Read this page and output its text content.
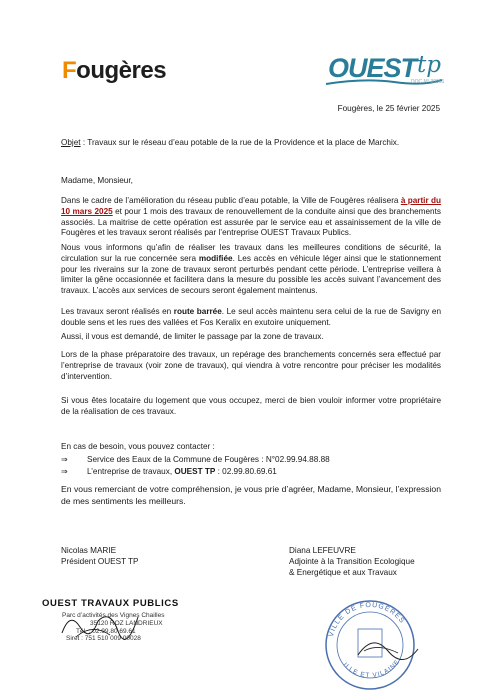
Fougères	OUEST tp
DOC N° 30961
Fougères, le 25 février 2025

Objet : Travaux sur le réseau d’eau potable de la rue de la Providence et la place de Marchix.

Madame, Monsieur,

Dans le cadre de l’amélioration du réseau public d’eau potable, la Ville de Fougères réalisera à partir du 10 mars 2025 et pour 1 mois des travaux de renouvellement de la conduite ainsi que des branchements associés. La maitrise de cette opération est assurée par le service eau et assainissement de la ville de Fougères et les travaux seront réalisés par l’entreprise OUEST Travaux Publics.

Nous vous informons qu’afin de réaliser les travaux dans les meilleures conditions de sécurité, la circulation sur la rue concernée sera modifiée. Les accès en véhicule léger ainsi que le stationnement pour les riverains sur la zone de travaux seront perturbés pendant cette période. L’entreprise veillera à limiter la gêne occasionnée et facilitera dans la mesure du possible les accès suivant l’avancement des travaux. L’accès aux services de secours seront également maintenus.

Les travaux seront réalisés en route barrée. Le seul accès maintenu sera celui de la rue de Savigny en double sens et les rues des vallées et Fos Keralix en exutoire uniquement.

Aussi, il vous est demandé, de limiter le passage par la zone de travaux.

Lors de la phase préparatoire des travaux, un repérage des branchements concernés sera effectué par l’entreprise de travaux (voir zone de travaux), qui viendra à votre rencontre pour préciser les modalités d’intervention.

Si vous êtes locataire du logement que vous occupez, merci de bien vouloir informer votre propriétaire de la réalisation de ces travaux.

En cas de besoin, vous pouvez contacter :

⇒ Service des Eaux de la Commune de Fougères : N°02.99.94.88.88
⇒ L’entreprise de travaux, OUEST TP : 02.99.80.69.61

En vous remerciant de votre compréhension, je vous prie d’agréer, Madame, Monsieur, l’expression de mes sentiments les meilleurs.

Nicolas MARIE
Président OUEST TP
Diana LEFEUVRE
Adjointe à la Transition Ecologique
& Energétique et aux Travaux
OUEST TRAVAUX PUBLICS
Parc d’activités des Vignes Chailles
35120 ROZ LANDRIEUX
Tél. : 02.99.80.69.61
Siret : 751 510 009 00028
VILLE DE FOUGÈRES
ILLE ET VILAINE
